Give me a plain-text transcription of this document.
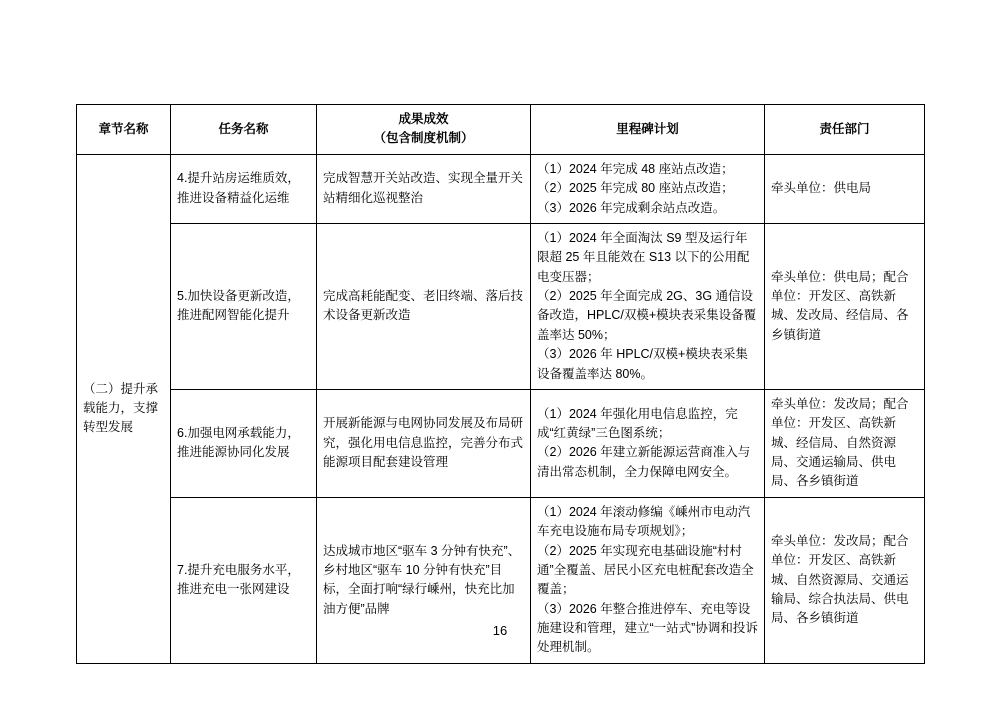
章节名称	任务名称	成果成效
（包含制度机制）	里程碑计划	责任部门
（二）提升承载能力，支撑转型发展	4.提升站房运维质效，推进设备精益化运维	完成智慧开关站改造、实现全量开关站精细化巡视整治	（1）2024 年完成 48 座站点改造；
（2）2025 年完成 80 座站点改造；
（3）2026 年完成剩余站点改造。	牵头单位：供电局
	5.加快设备更新改造，推进配网智能化提升	完成高耗能配变、老旧终端、落后技术设备更新改造	（1）2024 年全面淘汰 S9 型及运行年限超 25 年且能效在 S13 以下的公用配电变压器；
（2）2025 年全面完成 2G、3G 通信设备改造，HPLC/双模+模块表采集设备覆盖率达 50%；
（3）2026 年 HPLC/双模+模块表采集设备覆盖率达 80%。	牵头单位：供电局；配合单位：开发区、高铁新城、发改局、经信局、各乡镇街道
	6.加强电网承载能力，推进能源协同化发展	开展新能源与电网协同发展及布局研究，强化用电信息监控，完善分布式能源项目配套建设管理	（1）2024 年强化用电信息监控，完成“红黄绿”三色图系统；
（2）2026 年建立新能源运营商准入与清出常态机制，全力保障电网安全。	牵头单位：发改局；配合单位：开发区、高铁新城、经信局、自然资源局、交通运输局、供电局、各乡镇街道
	7.提升充电服务水平，推进充电一张网建设	达成城市地区“驱车 3 分钟有快充”、乡村地区“驱车 10 分钟有快充”目标，全面打响“绿行嵊州，快充比加油方便”品牌	（1）2024 年滚动修编《嵊州市电动汽车充电设施布局专项规划》；
（2）2025 年实现充电基础设施“村村通”全覆盖、居民小区充电桩配套改造全覆盖；
（3）2026 年整合推进停车、充电等设施建设和管理，建立“一站式”协调和投诉处理机制。	牵头单位：发改局；配合单位：开发区、高铁新城、自然资源局、交通运输局、综合执法局、供电局、各乡镇街道
16
